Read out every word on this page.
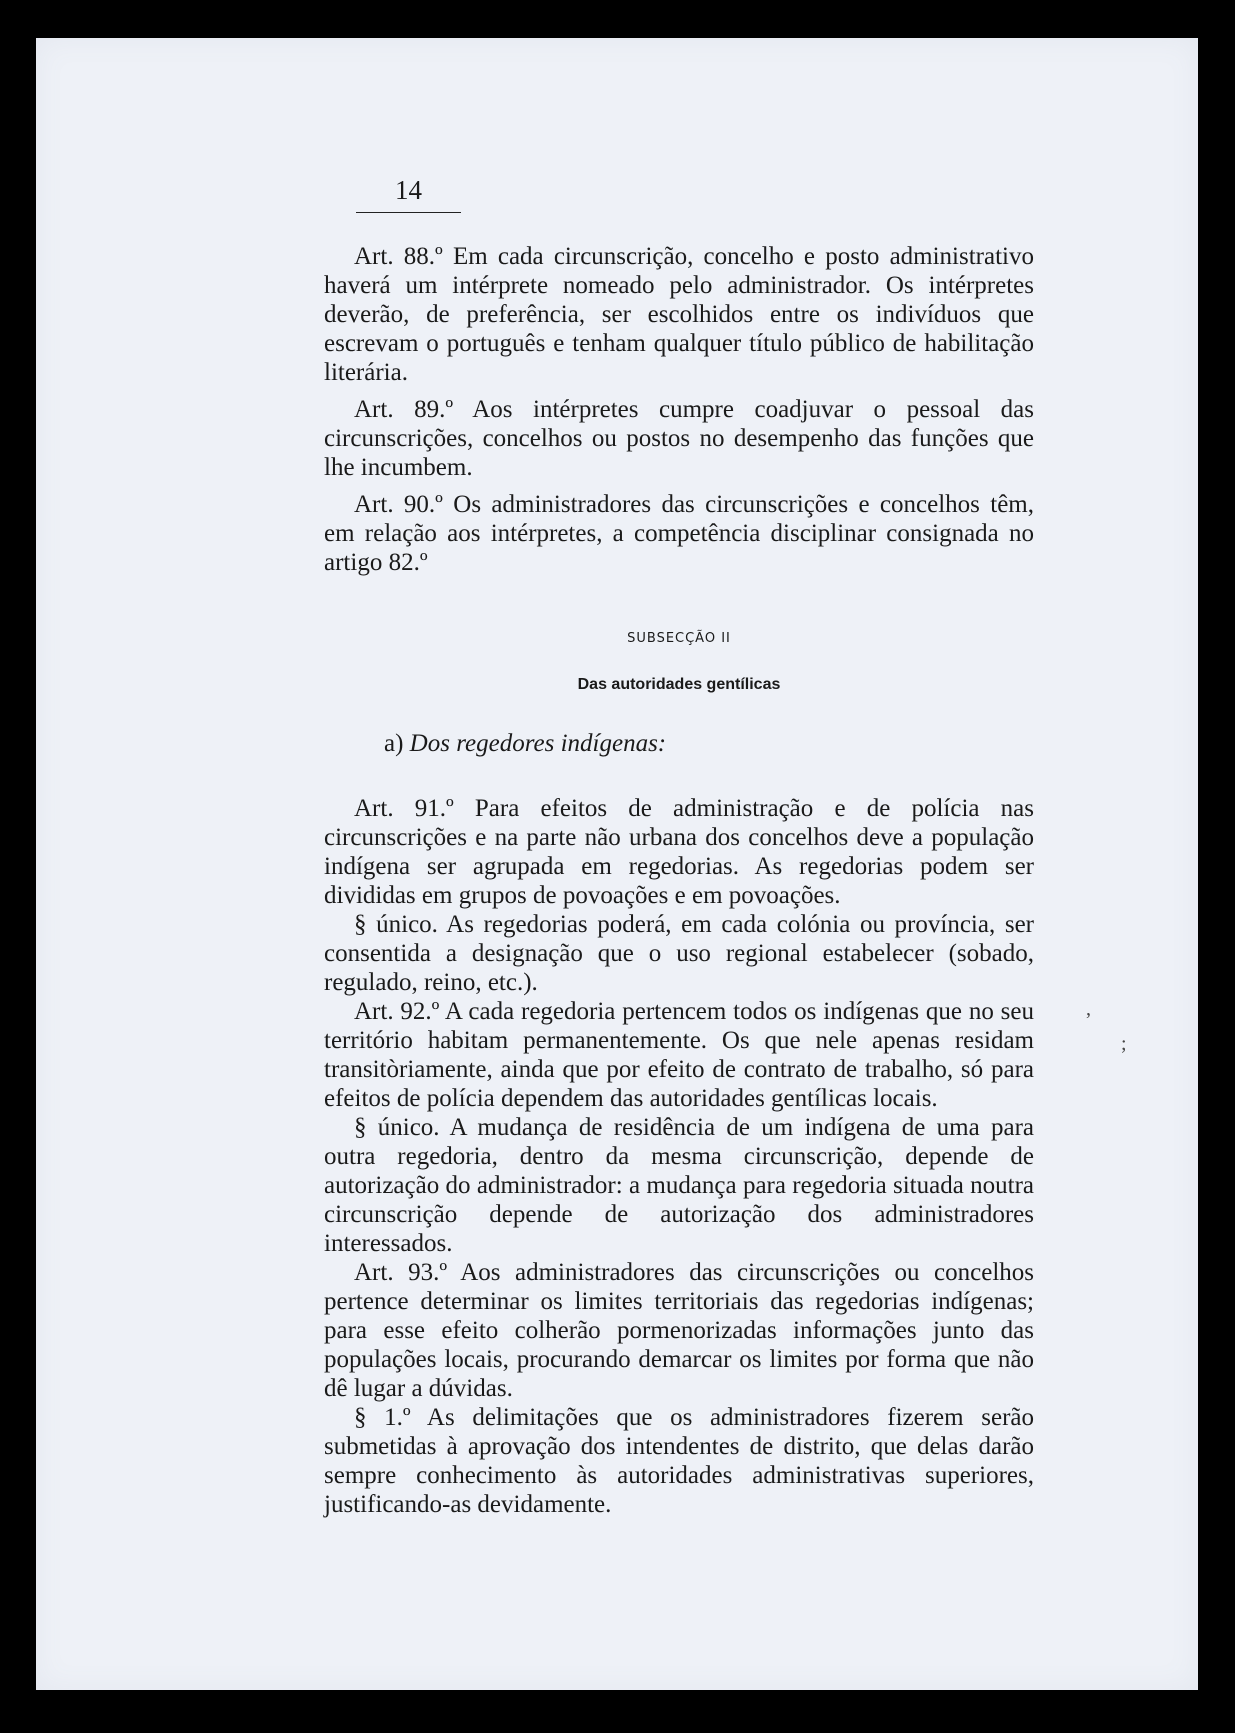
14

Art. 88.º Em cada circunscrição, concelho e posto administrativo haverá um intérprete nomeado pelo administrador. Os intérpretes deverão, de preferência, ser escolhidos entre os indivíduos que escrevam o português e tenham qualquer título público de habilitação literária.

Art. 89.º Aos intérpretes cumpre coadjuvar o pessoal das circunscrições, concelhos ou postos no desempenho das funções que lhe incumbem.

Art. 90.º Os administradores das circunscrições e concelhos têm, em relação aos intérpretes, a competência disciplinar consignada no artigo 82.º

SUBSECÇÃO II
Das autoridades gentílicas
a) Dos regedores indígenas:

Art. 91.º Para efeitos de administração e de polícia nas circunscrições e na parte não urbana dos concelhos deve a população indígena ser agrupada em regedorias. As regedorias podem ser divididas em grupos de povoações e em povoações.

§ único. As regedorias poderá, em cada colónia ou província, ser consentida a designação que o uso regional estabelecer (sobado, regulado, reino, etc.).

Art. 92.º A cada regedoria pertencem todos os indígenas que no seu território habitam permanentemente. Os que nele apenas residam transitòriamente, ainda que por efeito de contrato de trabalho, só para efeitos de polícia dependem das autoridades gentílicas locais.

§ único. A mudança de residência de um indígena de uma para outra regedoria, dentro da mesma circunscrição, depende de autorização do administrador: a mudança para regedoria situada noutra circunscrição depende de autorização dos administradores interessados.

Art. 93.º Aos administradores das circunscrições ou concelhos pertence determinar os limites territoriais das regedorias indígenas; para esse efeito colherão pormenorizadas informações junto das populações locais, procurando demarcar os limites por forma que não dê lugar a dúvidas.

§ 1.º As delimitações que os administradores fizerem serão submetidas à aprovação dos intendentes de distrito, que delas darão sempre conhecimento às autoridades administrativas superiores, justificando-as devidamente.

,
;
